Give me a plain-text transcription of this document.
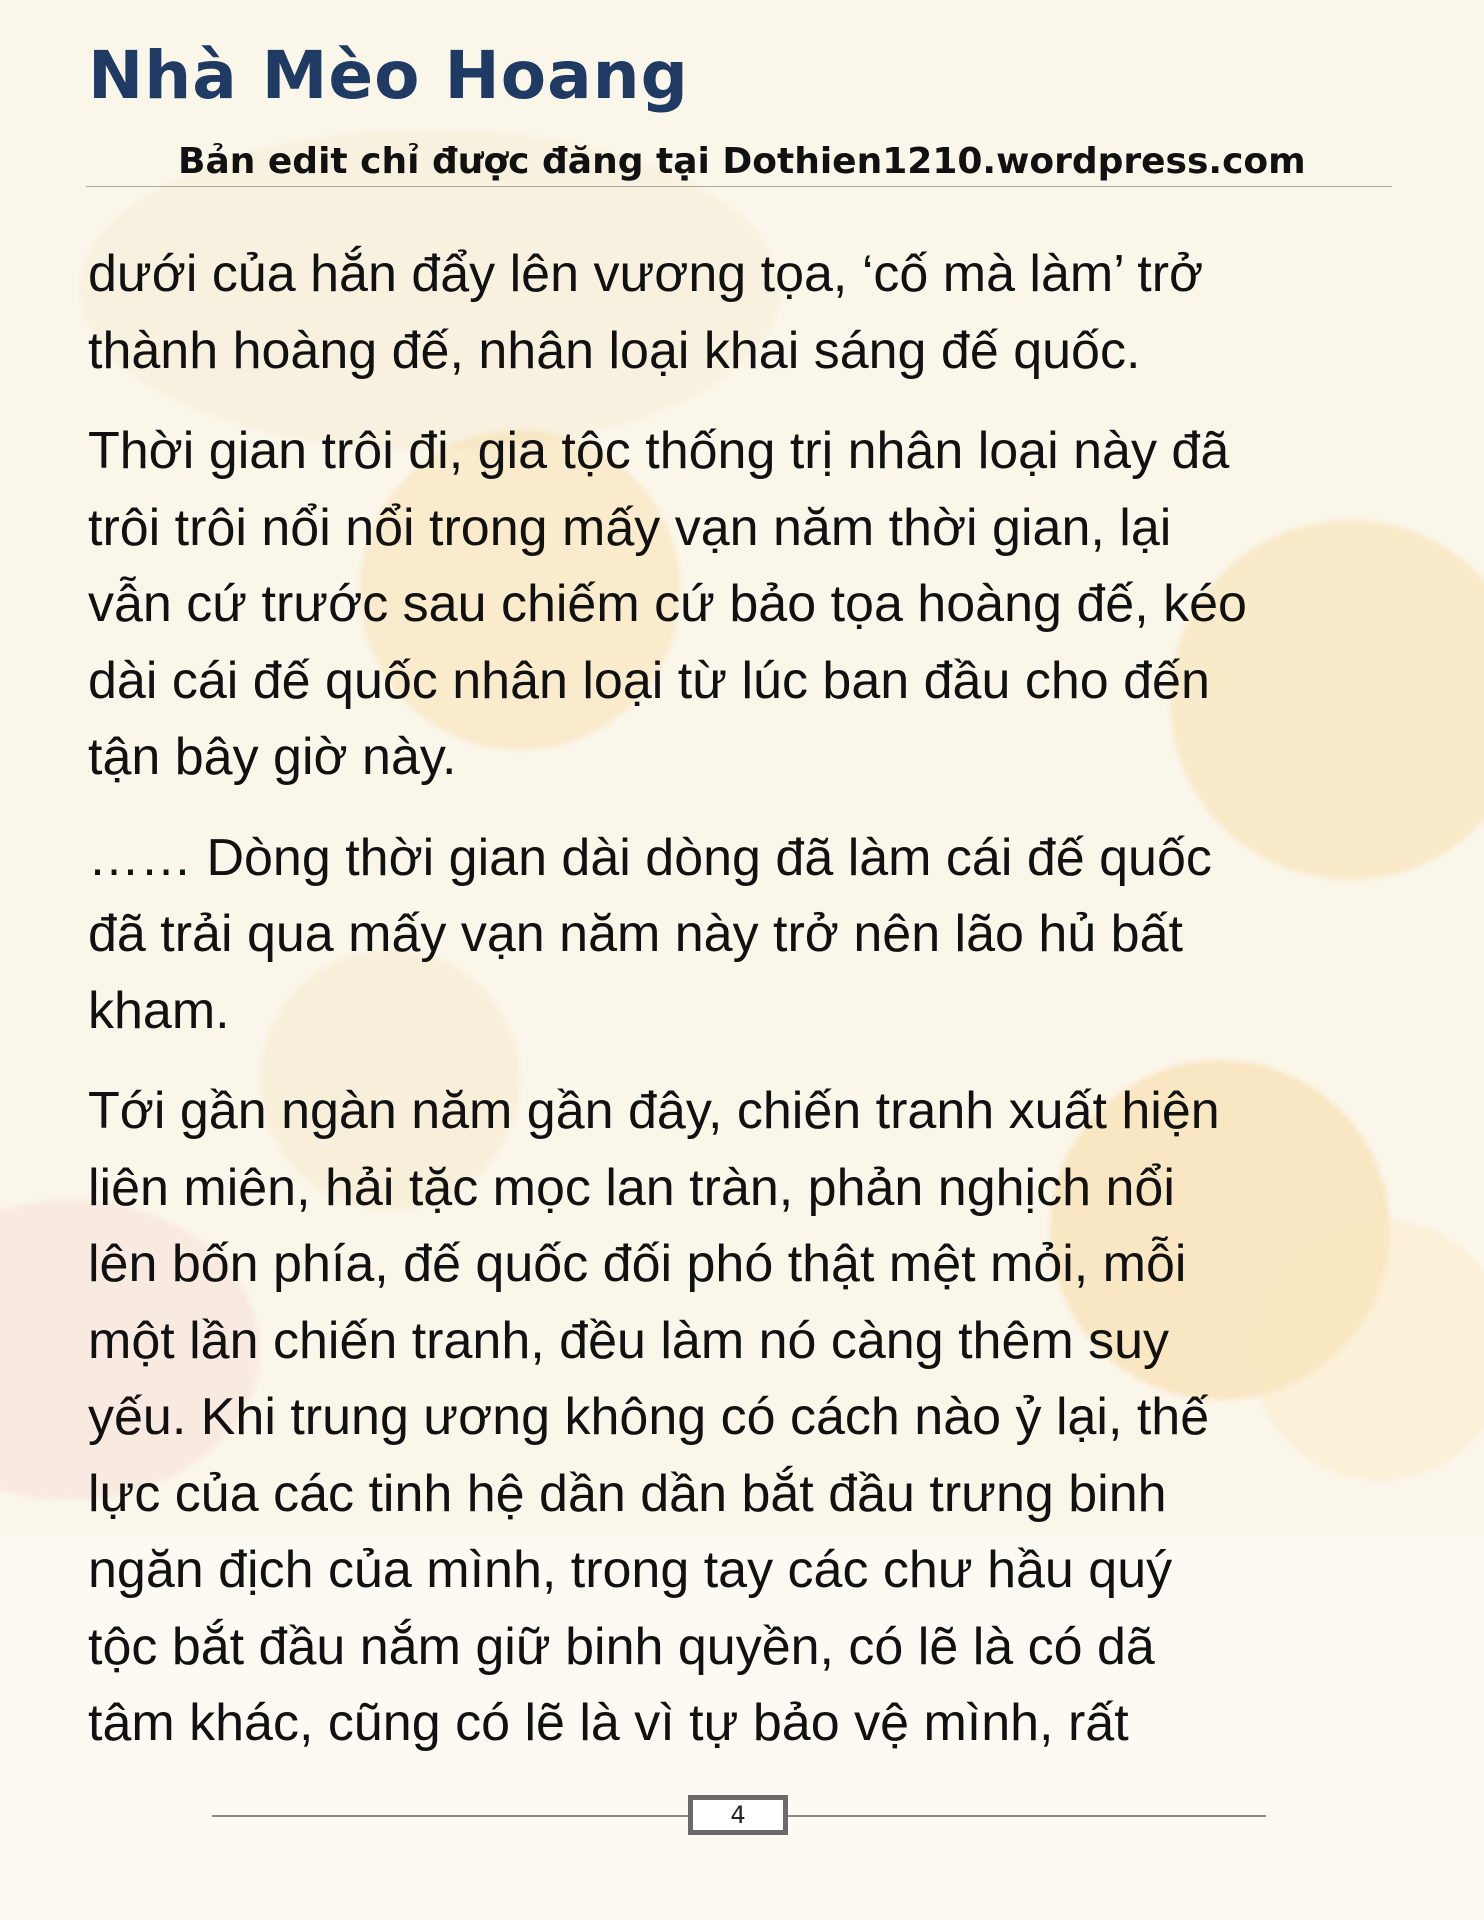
Nhà Mèo Hoang
Bản edit chỉ được đăng tại Dothien1210.wordpress.com

dưới của hắn đẩy lên vương tọa, ‘cố mà làm’ trở
thành hoàng đế, nhân loại khai sáng đế quốc.

Thời gian trôi đi, gia tộc thống trị nhân loại này đã
trôi trôi nổi nổi trong mấy vạn năm thời gian, lại
vẫn cứ trước sau chiếm cứ bảo tọa hoàng đế, kéo
dài cái đế quốc nhân loại từ lúc ban đầu cho đến
tận bây giờ này.

…… Dòng thời gian dài dòng đã làm cái đế quốc
đã trải qua mấy vạn năm này trở nên lão hủ bất
kham.

Tới gần ngàn năm gần đây, chiến tranh xuất hiện
liên miên, hải tặc mọc lan tràn, phản nghịch nổi
lên bốn phía, đế quốc đối phó thật mệt mỏi, mỗi
một lần chiến tranh, đều làm nó càng thêm suy
yếu. Khi trung ương không có cách nào ỷ lại, thế
lực của các tinh hệ dần dần bắt đầu trưng binh
ngăn địch của mình, trong tay các chư hầu quý
tộc bắt đầu nắm giữ binh quyền, có lẽ là có dã
tâm khác, cũng có lẽ là vì tự bảo vệ mình, rất

4
